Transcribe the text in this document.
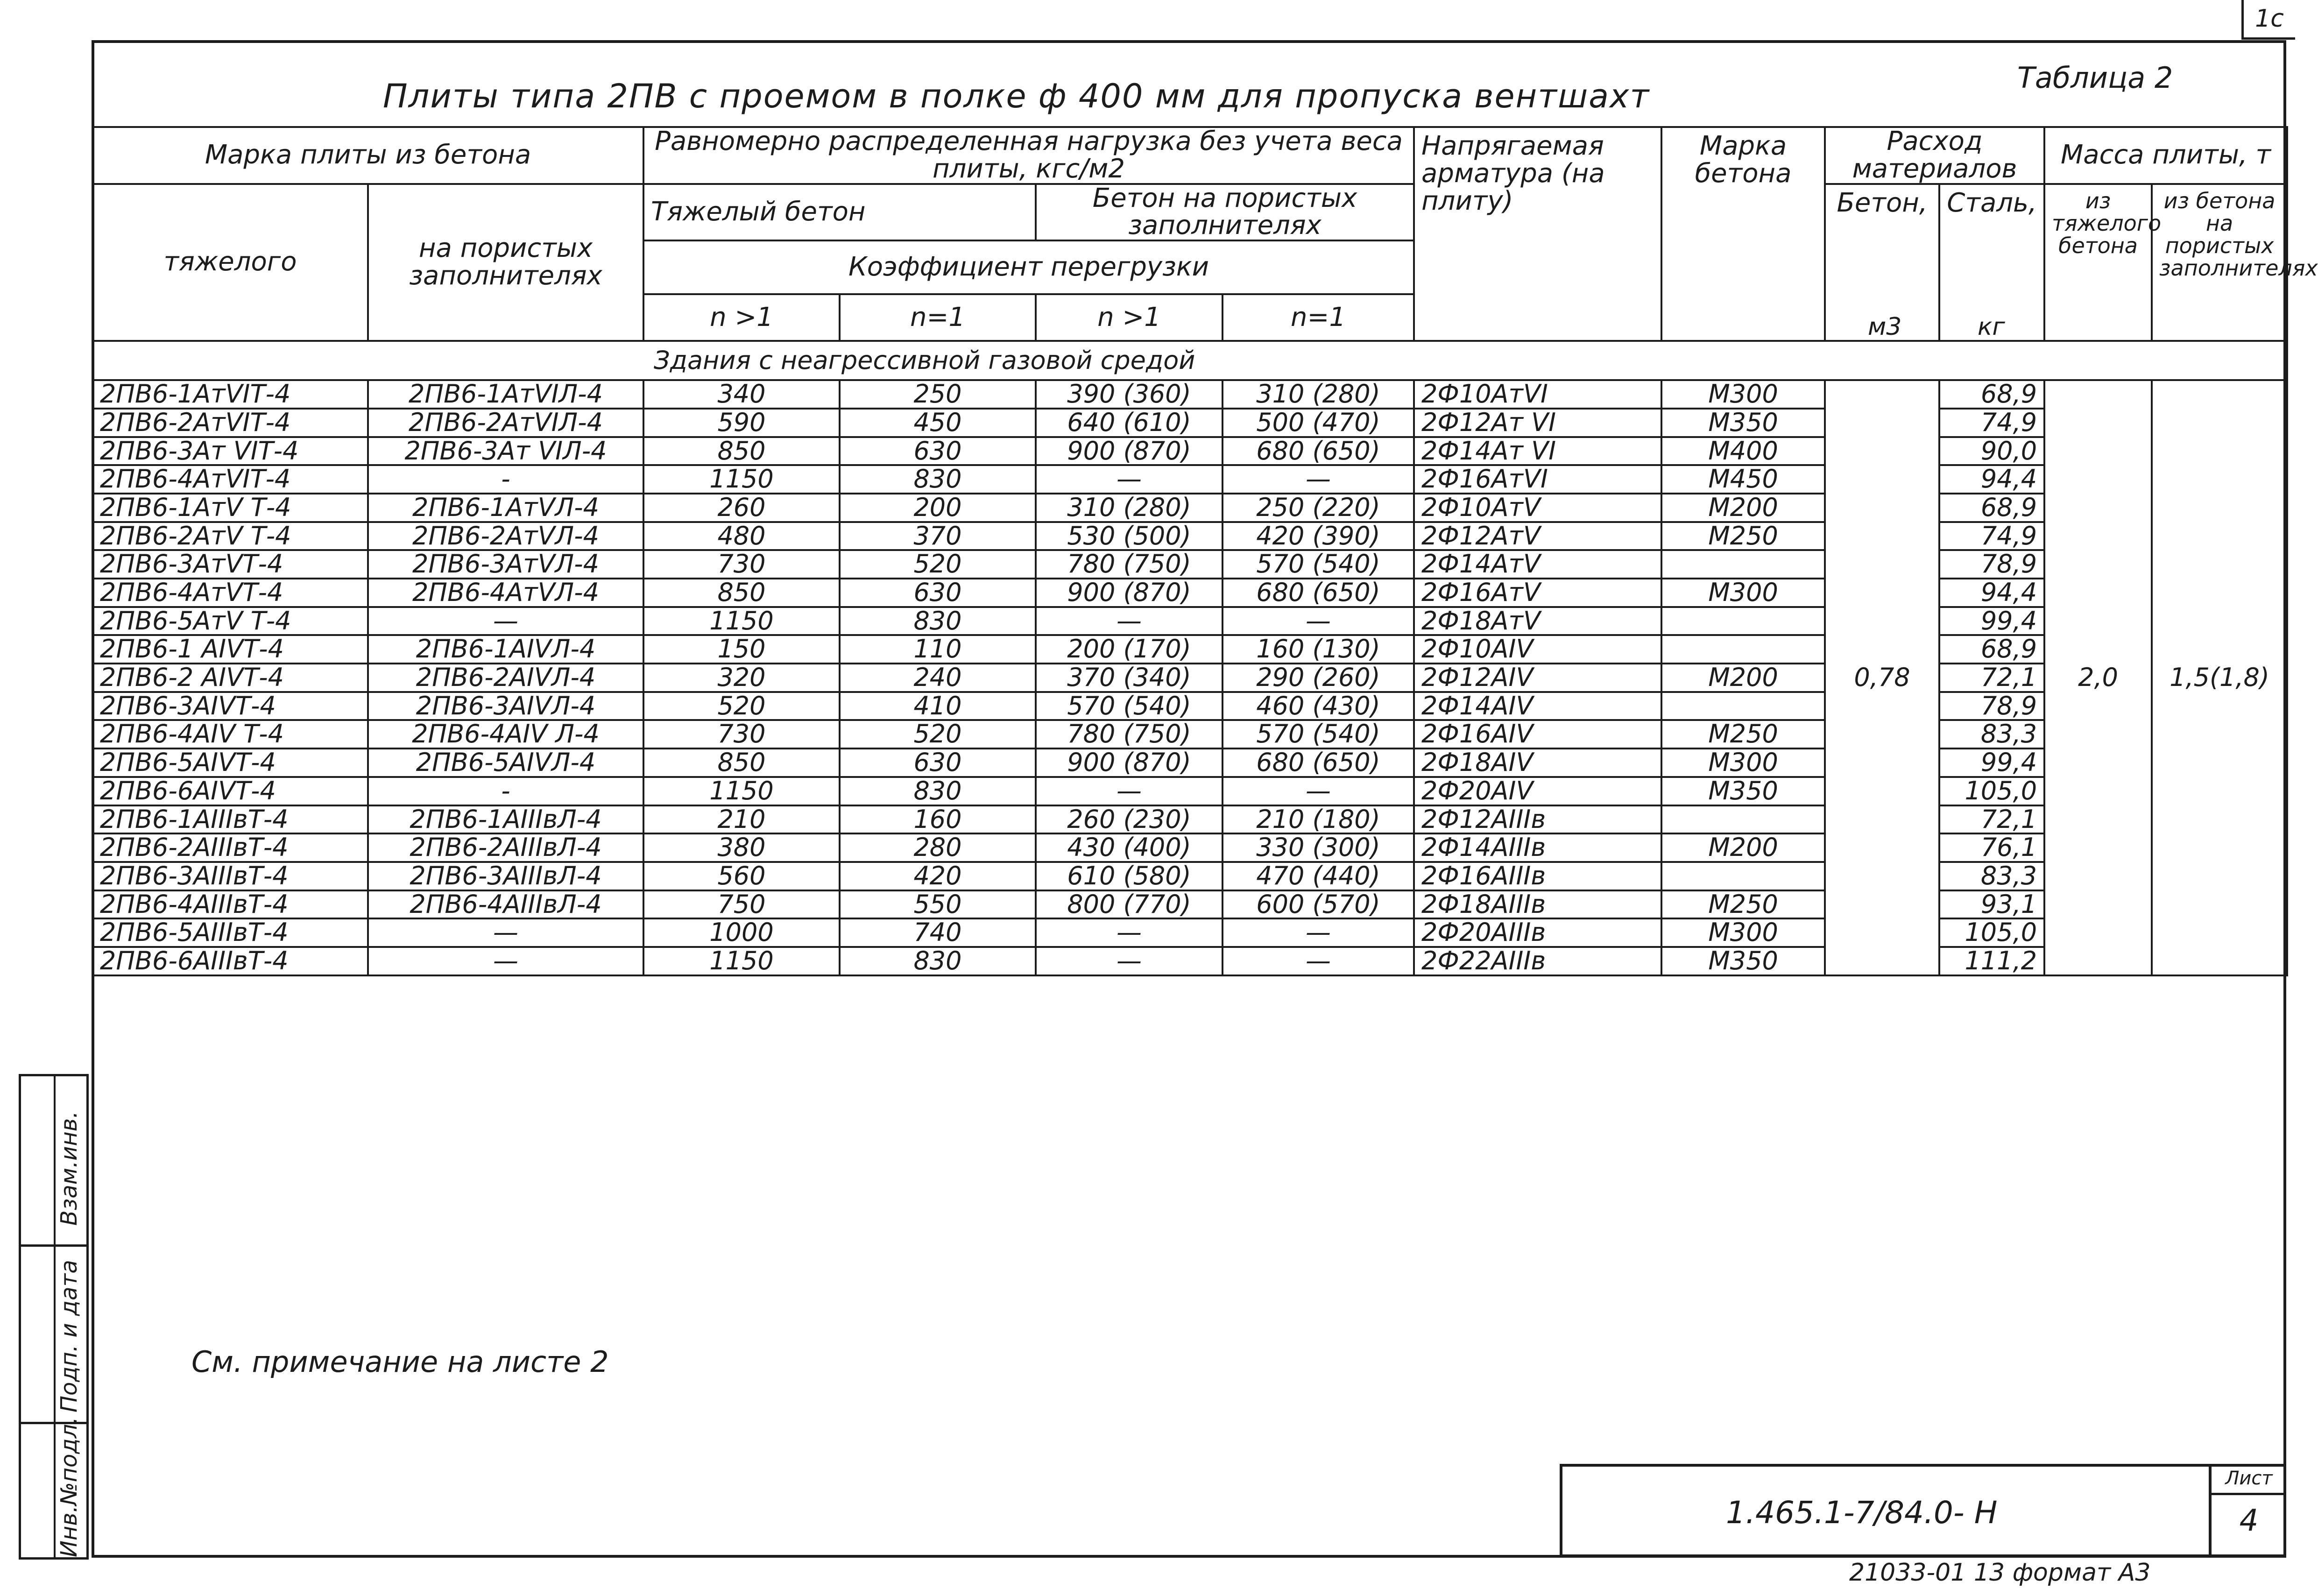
1c
Таблица 2
Плиты типа 2ПВ с проемом в полке ф 400 мм для пропуска вентшахт
Марка плиты из бетона		Равномерно распределенная нагрузка без учета веса плиты, кгс/м2				Напрягаемая арматура (на плиту)	Марка бетона	Расход материалов		Масса плиты, т	
тяжелого	на пористых заполнителях	Тяжелый бетон		Бетон на пористых заполнителях				Бетон,	Сталь,	из тяжелого бетона	из бетона на пористых заполнителях
		Коэффициент перегрузки									
		n >1	n=1	n >1	n=1						

Здания с неагрессивной газовой средой											
2ПВ6-1АтVIТ-4	2ПВ6-1АтVIЛ-4	340	250	390 (360)	310 (280)	2Ф10АтVI	М300	0,78	68,9	2,0	1,5(1,8)
2ПВ6-2АтVIТ-4	2ПВ6-2АтVIЛ-4	590	450	640 (610)	500 (470)	2Ф12Ат VI	М350		74,9		
2ПВ6-3Ат VIТ-4	2ПВ6-3Ат VIЛ-4	850	630	900 (870)	680 (650)	2Ф14Ат VI	М400		90,0		
2ПВ6-4АтVIТ-4	-	1150	830	—	—	2Ф16АтVI	М450		94,4		
2ПВ6-1АтV Т-4	2ПВ6-1АтVЛ-4	260	200	310 (280)	250 (220)	2Ф10АтV	М200		68,9		
2ПВ6-2АтV Т-4	2ПВ6-2АтVЛ-4	480	370	530 (500)	420 (390)	2Ф12АтV	М250		74,9		
2ПВ6-3АтVТ-4	2ПВ6-3АтVЛ-4	730	520	780 (750)	570 (540)	2Ф14АтV			78,9		
2ПВ6-4АтVТ-4	2ПВ6-4АтVЛ-4	850	630	900 (870)	680 (650)	2Ф16АтV	М300		94,4		
2ПВ6-5АтV Т-4	—	1150	830	—	—	2Ф18АтV			99,4		
2ПВ6-1 АIVТ-4	2ПВ6-1АIVЛ-4	150	110	200 (170)	160 (130)	2Ф10АIV			68,9		
2ПВ6-2 АIVТ-4	2ПВ6-2АIVЛ-4	320	240	370 (340)	290 (260)	2Ф12АIV	М200		72,1		
2ПВ6-3АIVТ-4	2ПВ6-3АIVЛ-4	520	410	570 (540)	460 (430)	2Ф14АIV			78,9		
2ПВ6-4АIV Т-4	2ПВ6-4АIV Л-4	730	520	780 (750)	570 (540)	2Ф16АIV	М250		83,3		
2ПВ6-5АIVТ-4	2ПВ6-5АIVЛ-4	850	630	900 (870)	680 (650)	2Ф18АIV	М300		99,4		
2ПВ6-6АIVТ-4	-	1150	830	—	—	2Ф20АIV	М350		105,0		
2ПВ6-1АIIIвТ-4	2ПВ6-1АIIIвЛ-4	210	160	260 (230)	210 (180)	2Ф12АIIIв			72,1		
2ПВ6-2АIIIвТ-4	2ПВ6-2АIIIвЛ-4	380	280	430 (400)	330 (300)	2Ф14АIIIв	М200		76,1		
2ПВ6-3АIIIвТ-4	2ПВ6-3АIIIвЛ-4	560	420	610 (580)	470 (440)	2Ф16АIIIв			83,3		
2ПВ6-4АIIIвТ-4	2ПВ6-4АIIIвЛ-4	750	550	800 (770)	600 (570)	2Ф18АIIIв	М250		93,1		
2ПВ6-5АIIIвТ-4	—	1000	740	—	—	2Ф20АIIIв	М300		105,0		
2ПВ6-6АIIIвТ-4	—	1150	830	—	—	2Ф22АIIIв	М350		111,2		
м3	кг
См. примечание на листе 2
1.465.1-7/84.0- Н
Лист
4
21033-01 13 формат А3
Инв.№подл.
Подп. и дата
Взам.инв.
